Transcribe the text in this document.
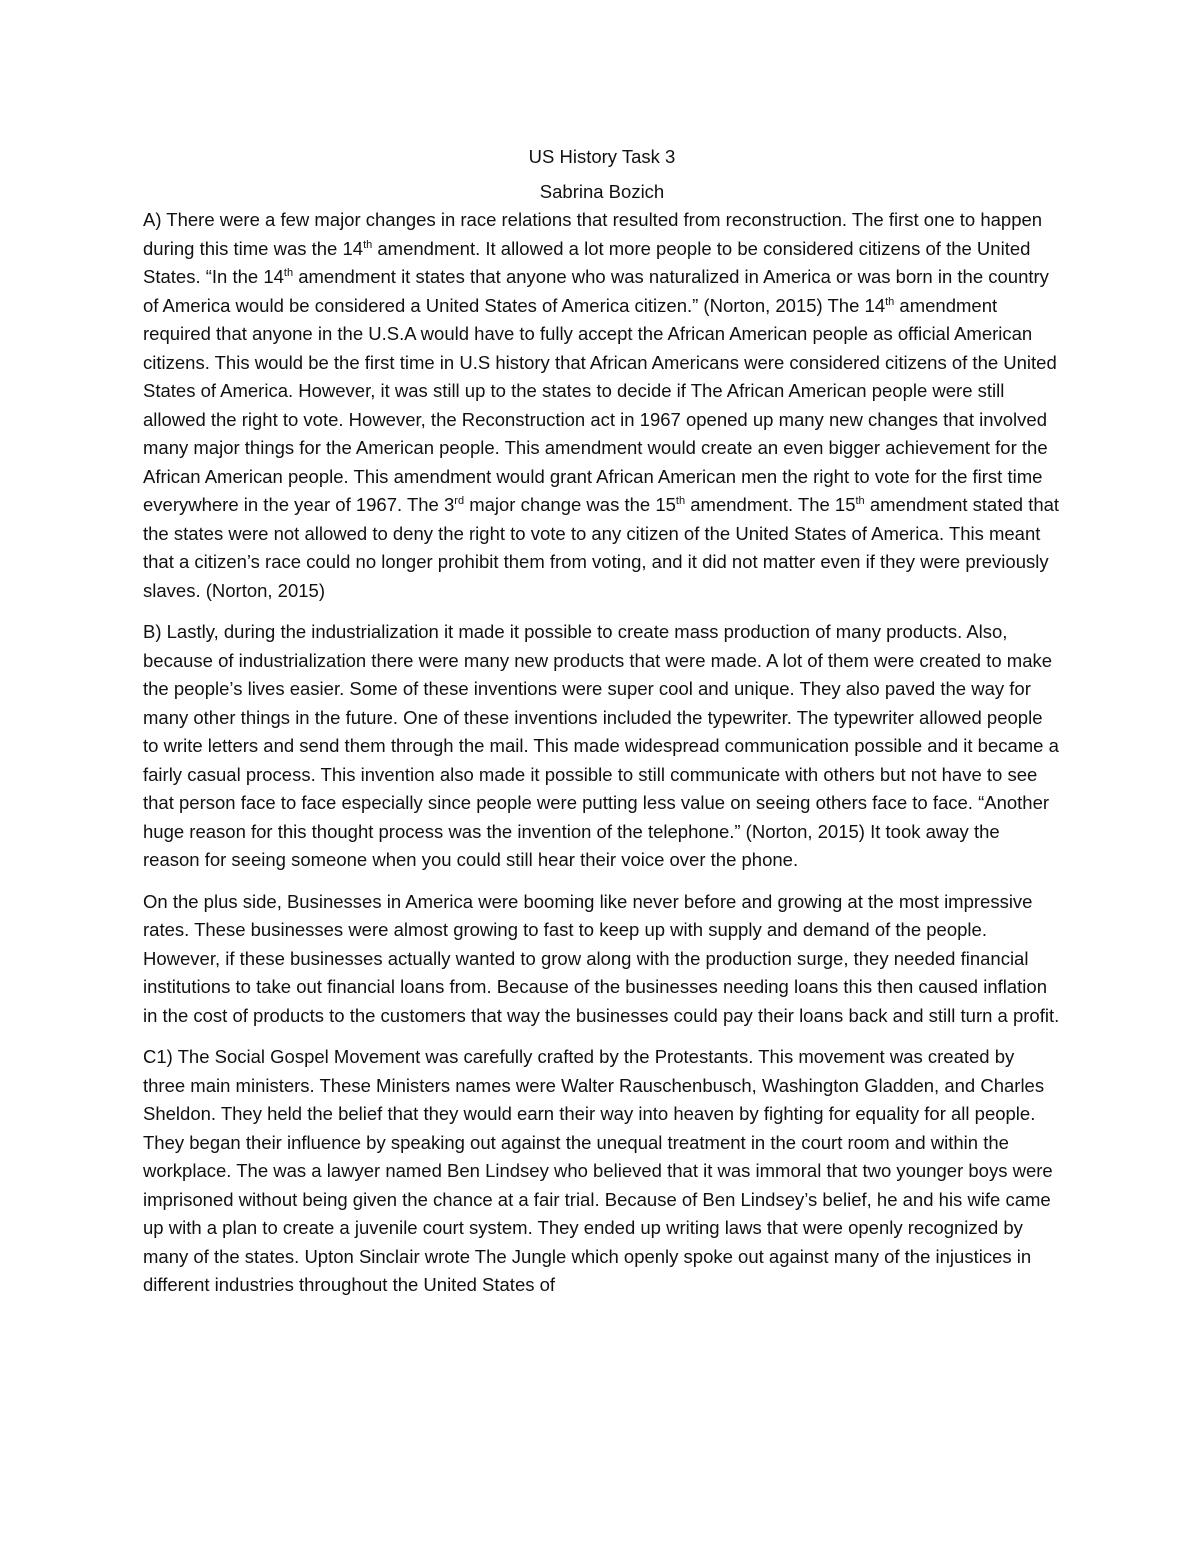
US History Task 3

Sabrina Bozich

A) There were a few major changes in race relations that resulted from reconstruction. The first one to happen during this time was the 14th amendment. It allowed a lot more people to be considered citizens of the United States. “In the 14th amendment it states that anyone who was naturalized in America or was born in the country of America would be considered a United States of America citizen.” (Norton, 2015) The 14th amendment required that anyone in the U.S.A would have to fully accept the African American people as official American citizens. This would be the first time in U.S history that African Americans were considered citizens of the United States of America. However, it was still up to the states to decide if The African American people were still allowed the right to vote. However, the Reconstruction act in 1967 opened up many new changes that involved many major things for the American people. This amendment would create an even bigger achievement for the African American people. This amendment would grant African American men the right to vote for the first time everywhere in the year of 1967. The 3rd major change was the 15th amendment. The 15th amendment stated that the states were not allowed to deny the right to vote to any citizen of the United States of America. This meant that a citizen’s race could no longer prohibit them from voting, and it did not matter even if they were previously slaves. (Norton, 2015)

B) Lastly, during the industrialization it made it possible to create mass production of many products. Also, because of industrialization there were many new products that were made. A lot of them were created to make the people’s lives easier. Some of these inventions were super cool and unique. They also paved the way for many other things in the future. One of these inventions included the typewriter. The typewriter allowed people to write letters and send them through the mail. This made widespread communication possible and it became a fairly casual process. This invention also made it possible to still communicate with others but not have to see that person face to face especially since people were putting less value on seeing others face to face. “Another huge reason for this thought process was the invention of the telephone.” (Norton, 2015) It took away the reason for seeing someone when you could still hear their voice over the phone.

On the plus side, Businesses in America were booming like never before and growing at the most impressive rates. These businesses were almost growing to fast to keep up with supply and demand of the people. However, if these businesses actually wanted to grow along with the production surge, they needed financial institutions to take out financial loans from. Because of the businesses needing loans this then caused inflation in the cost of products to the customers that way the businesses could pay their loans back and still turn a profit.

C1) The Social Gospel Movement was carefully crafted by the Protestants. This movement was created by three main ministers. These Ministers names were Walter Rauschenbusch, Washington Gladden, and Charles Sheldon. They held the belief that they would earn their way into heaven by fighting for equality for all people. They began their influence by speaking out against the unequal treatment in the court room and within the workplace. The was a lawyer named Ben Lindsey who believed that it was immoral that two younger boys were imprisoned without being given the chance at a fair trial. Because of Ben Lindsey’s belief, he and his wife came up with a plan to create a juvenile court system. They ended up writing laws that were openly recognized by many of the states. Upton Sinclair wrote The Jungle which openly spoke out against many of the injustices in different industries throughout the United States of
